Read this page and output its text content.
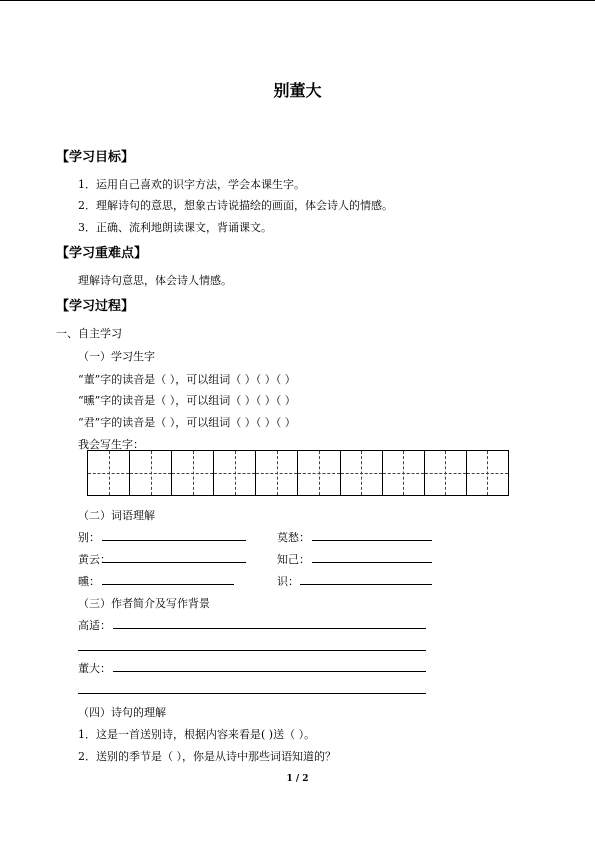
别董大
【学习目标】
1．运用自己喜欢的识字方法，学会本课生字。
2．理解诗句的意思，想象古诗说描绘的画面，体会诗人的情感。
3．正确、流利地朗读课文，背诵课文。
【学习重难点】
理解诗句意思，体会诗人情感。
【学习过程】
一、自主学习
（一）学习生字
“董”字的读音是（ ），可以组词（ ）（ ）（ ）
“曛”字的读音是（ ），可以组词（ ）（ ）（ ）
“君”字的读音是（ ），可以组词（ ）（ ）（ ）
我会写生字：
（二）词语理解
别：	莫愁：
黄云：	知己：
曛：	识：
（三）作者简介及写作背景
高适：
董大：
（四）诗句的理解
1．这是一首送别诗，根据内容来看是( )送（ ）。
2．送别的季节是（ ），你是从诗中那些词语知道的？
1 / 2
